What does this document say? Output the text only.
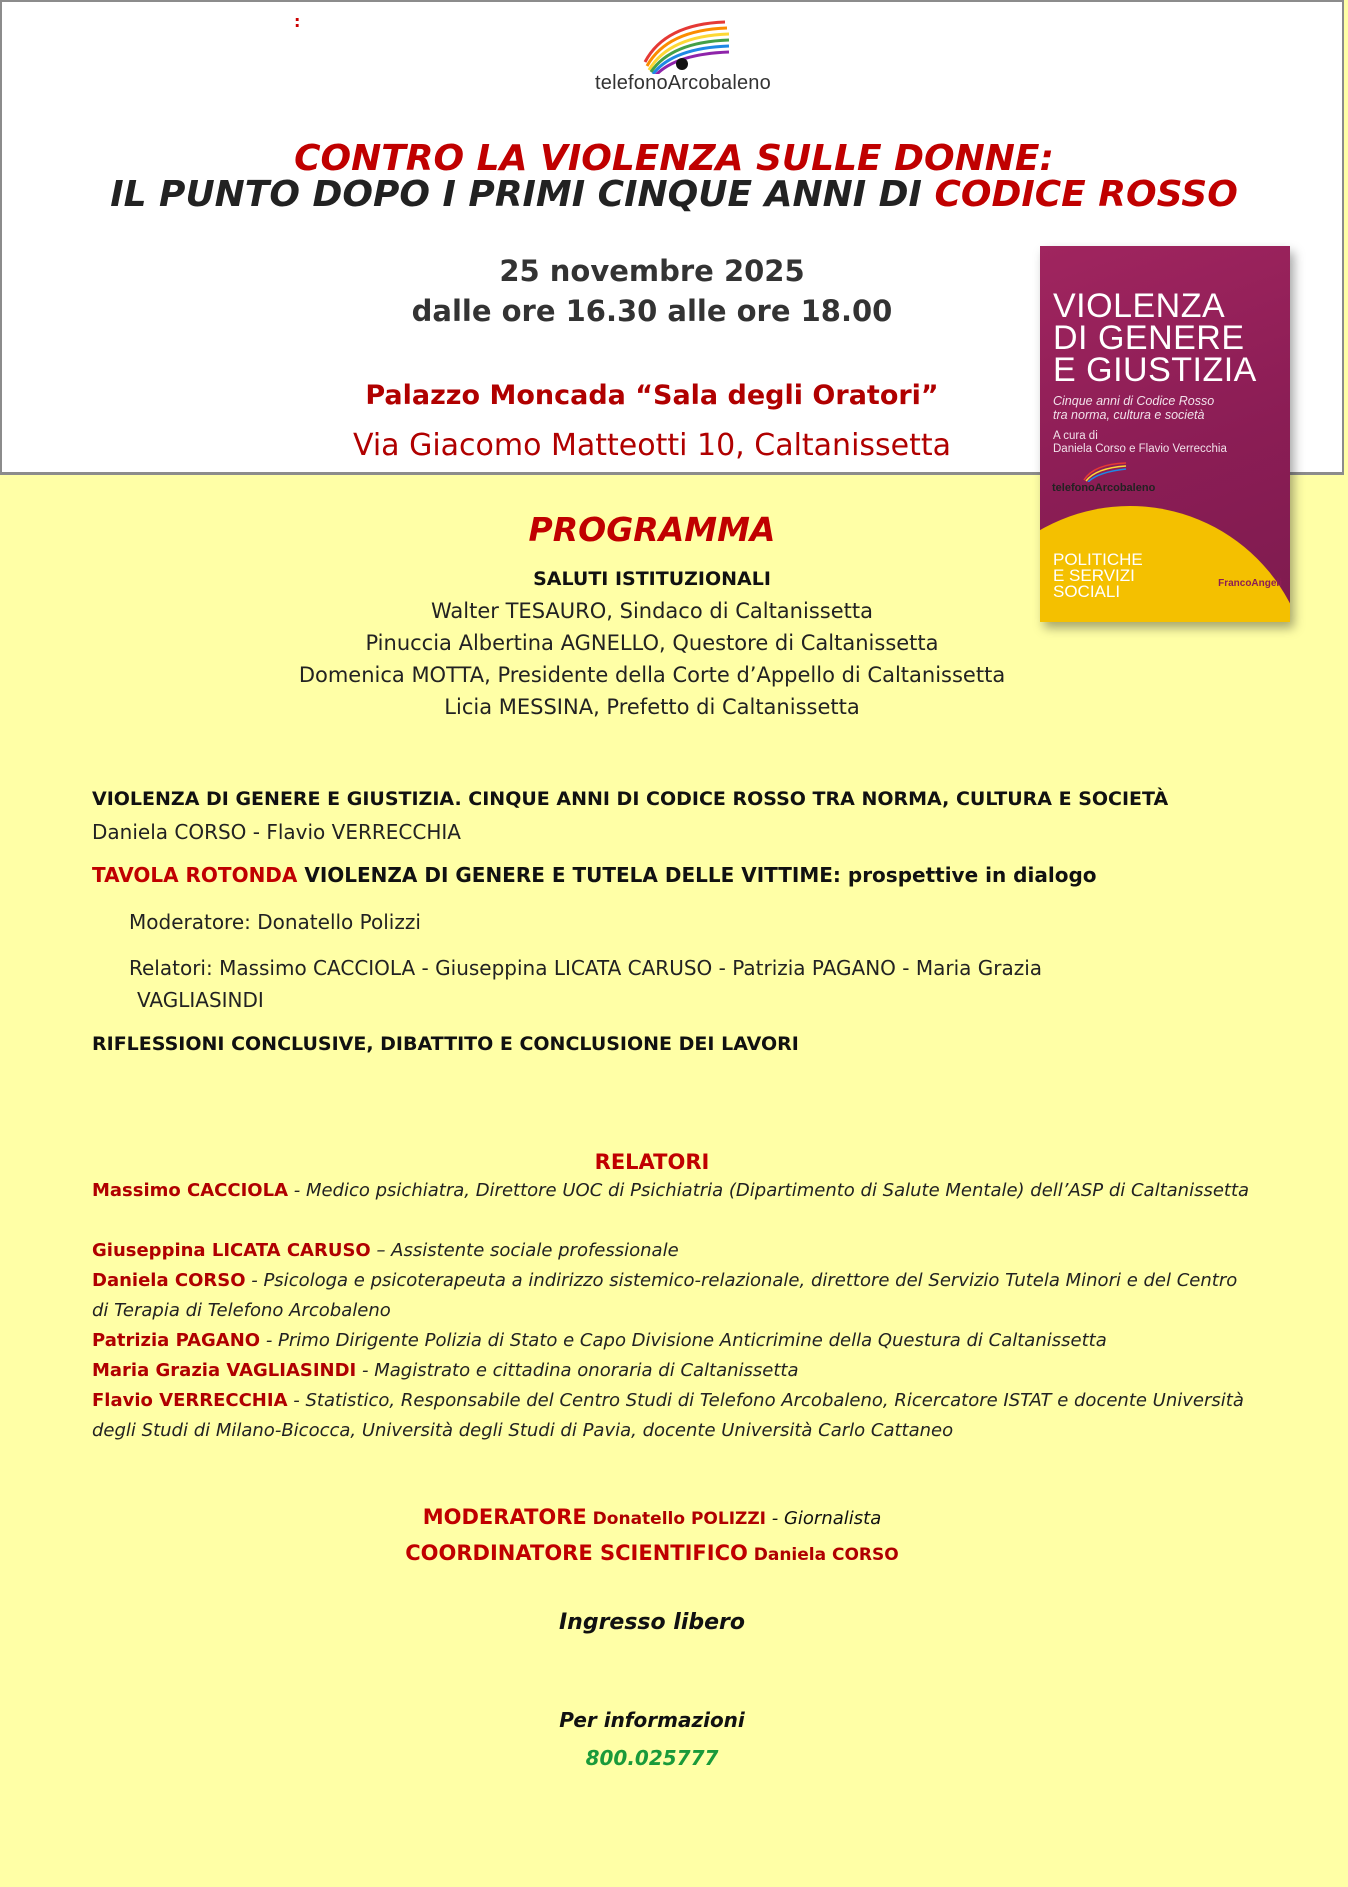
:
telefonoArcobaleno
CONTRO LA VIOLENZA SULLE DONNE:
IL PUNTO DOPO I PRIMI CINQUE ANNI DI CODICE ROSSO
25 novembre 2025
dalle ore 16.30 alle ore 18.00
Palazzo Moncada “Sala degli Oratori”
Via Giacomo Matteotti 10, Caltanissetta
VIOLENZA
DI GENERE
E GIUSTIZIA
Cinque anni di Codice Rosso
tra norma, cultura e società
A cura di
Daniela Corso e Flavio Verrecchia
telefonoArcobaleno
POLITICHE
E SERVIZI
SOCIALI	FrancoAngeli
PROGRAMMA
SALUTI ISTITUZIONALI
Walter TESAURO, Sindaco di Caltanissetta
Pinuccia Albertina AGNELLO, Questore di Caltanissetta
Domenica MOTTA, Presidente della Corte d’Appello di Caltanissetta
Licia MESSINA, Prefetto di Caltanissetta
VIOLENZA DI GENERE E GIUSTIZIA. CINQUE ANNI DI CODICE ROSSO TRA NORMA, CULTURA E SOCIETÀ
Daniela CORSO - Flavio VERRECCHIA
TAVOLA ROTONDA VIOLENZA DI GENERE E TUTELA DELLE VITTIME: prospettive in dialogo
Moderatore: Donatello Polizzi
Relatori: Massimo CACCIOLA - Giuseppina LICATA CARUSO - Patrizia PAGANO - Maria Grazia
VAGLIASINDI
RIFLESSIONI CONCLUSIVE, DIBATTITO E CONCLUSIONE DEI LAVORI
RELATORI
Massimo CACCIOLA - Medico psichiatra, Direttore UOC di Psichiatria (Dipartimento di Salute Mentale) dell’ASP di Caltanissetta
Giuseppina LICATA CARUSO – Assistente sociale professionale
Daniela CORSO - Psicologa e psicoterapeuta a indirizzo sistemico-relazionale, direttore del Servizio Tutela Minori e del Centro di Terapia di Telefono Arcobaleno
Patrizia PAGANO - Primo Dirigente Polizia di Stato e Capo Divisione Anticrimine della Questura di Caltanissetta
Maria Grazia VAGLIASINDI - Magistrato e cittadina onoraria di Caltanissetta
Flavio VERRECCHIA - Statistico, Responsabile del Centro Studi di Telefono Arcobaleno, Ricercatore ISTAT e docente Università degli Studi di Milano-Bicocca, Università degli Studi di Pavia, docente Università Carlo Cattaneo
MODERATORE Donatello POLIZZI - Giornalista
COORDINATORE SCIENTIFICO Daniela CORSO
Ingresso libero
Per informazioni
800.025777
